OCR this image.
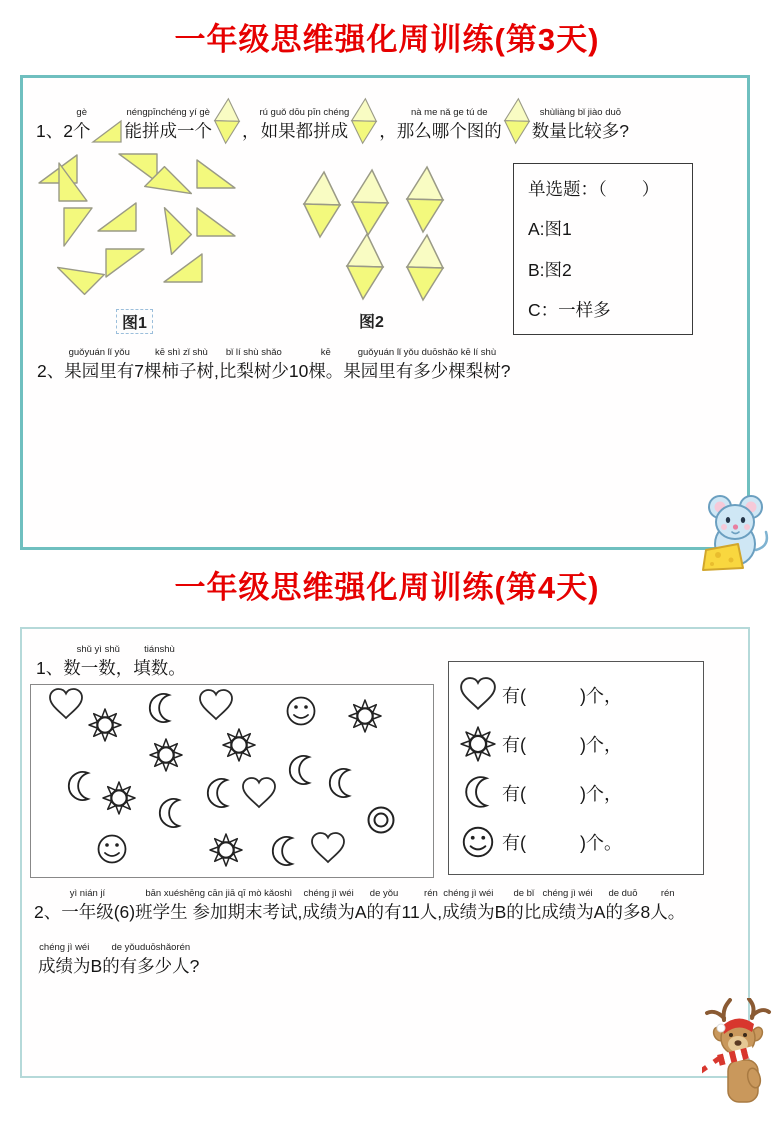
一年级思维强化周训练(第3天)

1、2
gè
个
néngpīnchéng yí gè
能拼成一个
，
rú guǒ dōu pīn chéng
如果都拼成
，
nà me nǎ ge tú de
那么哪个图的
shùliàng bǐ jiào duō
数量比较多?
图1	图2
单选题：（　　）
A:图1
B:图2
C：一样多

2、
guǒyuán lǐ yǒu
果园里有
7
kē shì zǐ shù
棵柿子树,
bǐ lí shù shǎo
比梨树少
10
kē
棵。
guǒyuán lǐ yǒu duōshǎo kē lí shù
果园里有多少棵梨树?
一年级思维强化周训练(第4天)

1、
shǔ yì shǔ
数一数，
tiánshù
填数。
有(　　　)个，
有(　　　)个，
有(　　　)个，
有(　　　)个。

2、
yì nián jí
一年级
(6)
bān xuéshēng cān jiā qī mò kǎoshì
班学生 参加期末考试,
chéng jì wéi
成绩为
A
de yǒu
的有
11
rén
人,
chéng jì wéi
成绩为
B
de bǐ
的比
chéng jì wéi
成绩为
A
de duō
的多
8
rén
人。
chéng jì wéi
成绩为
B
de yǒuduōshǎorén
的有多少人?
